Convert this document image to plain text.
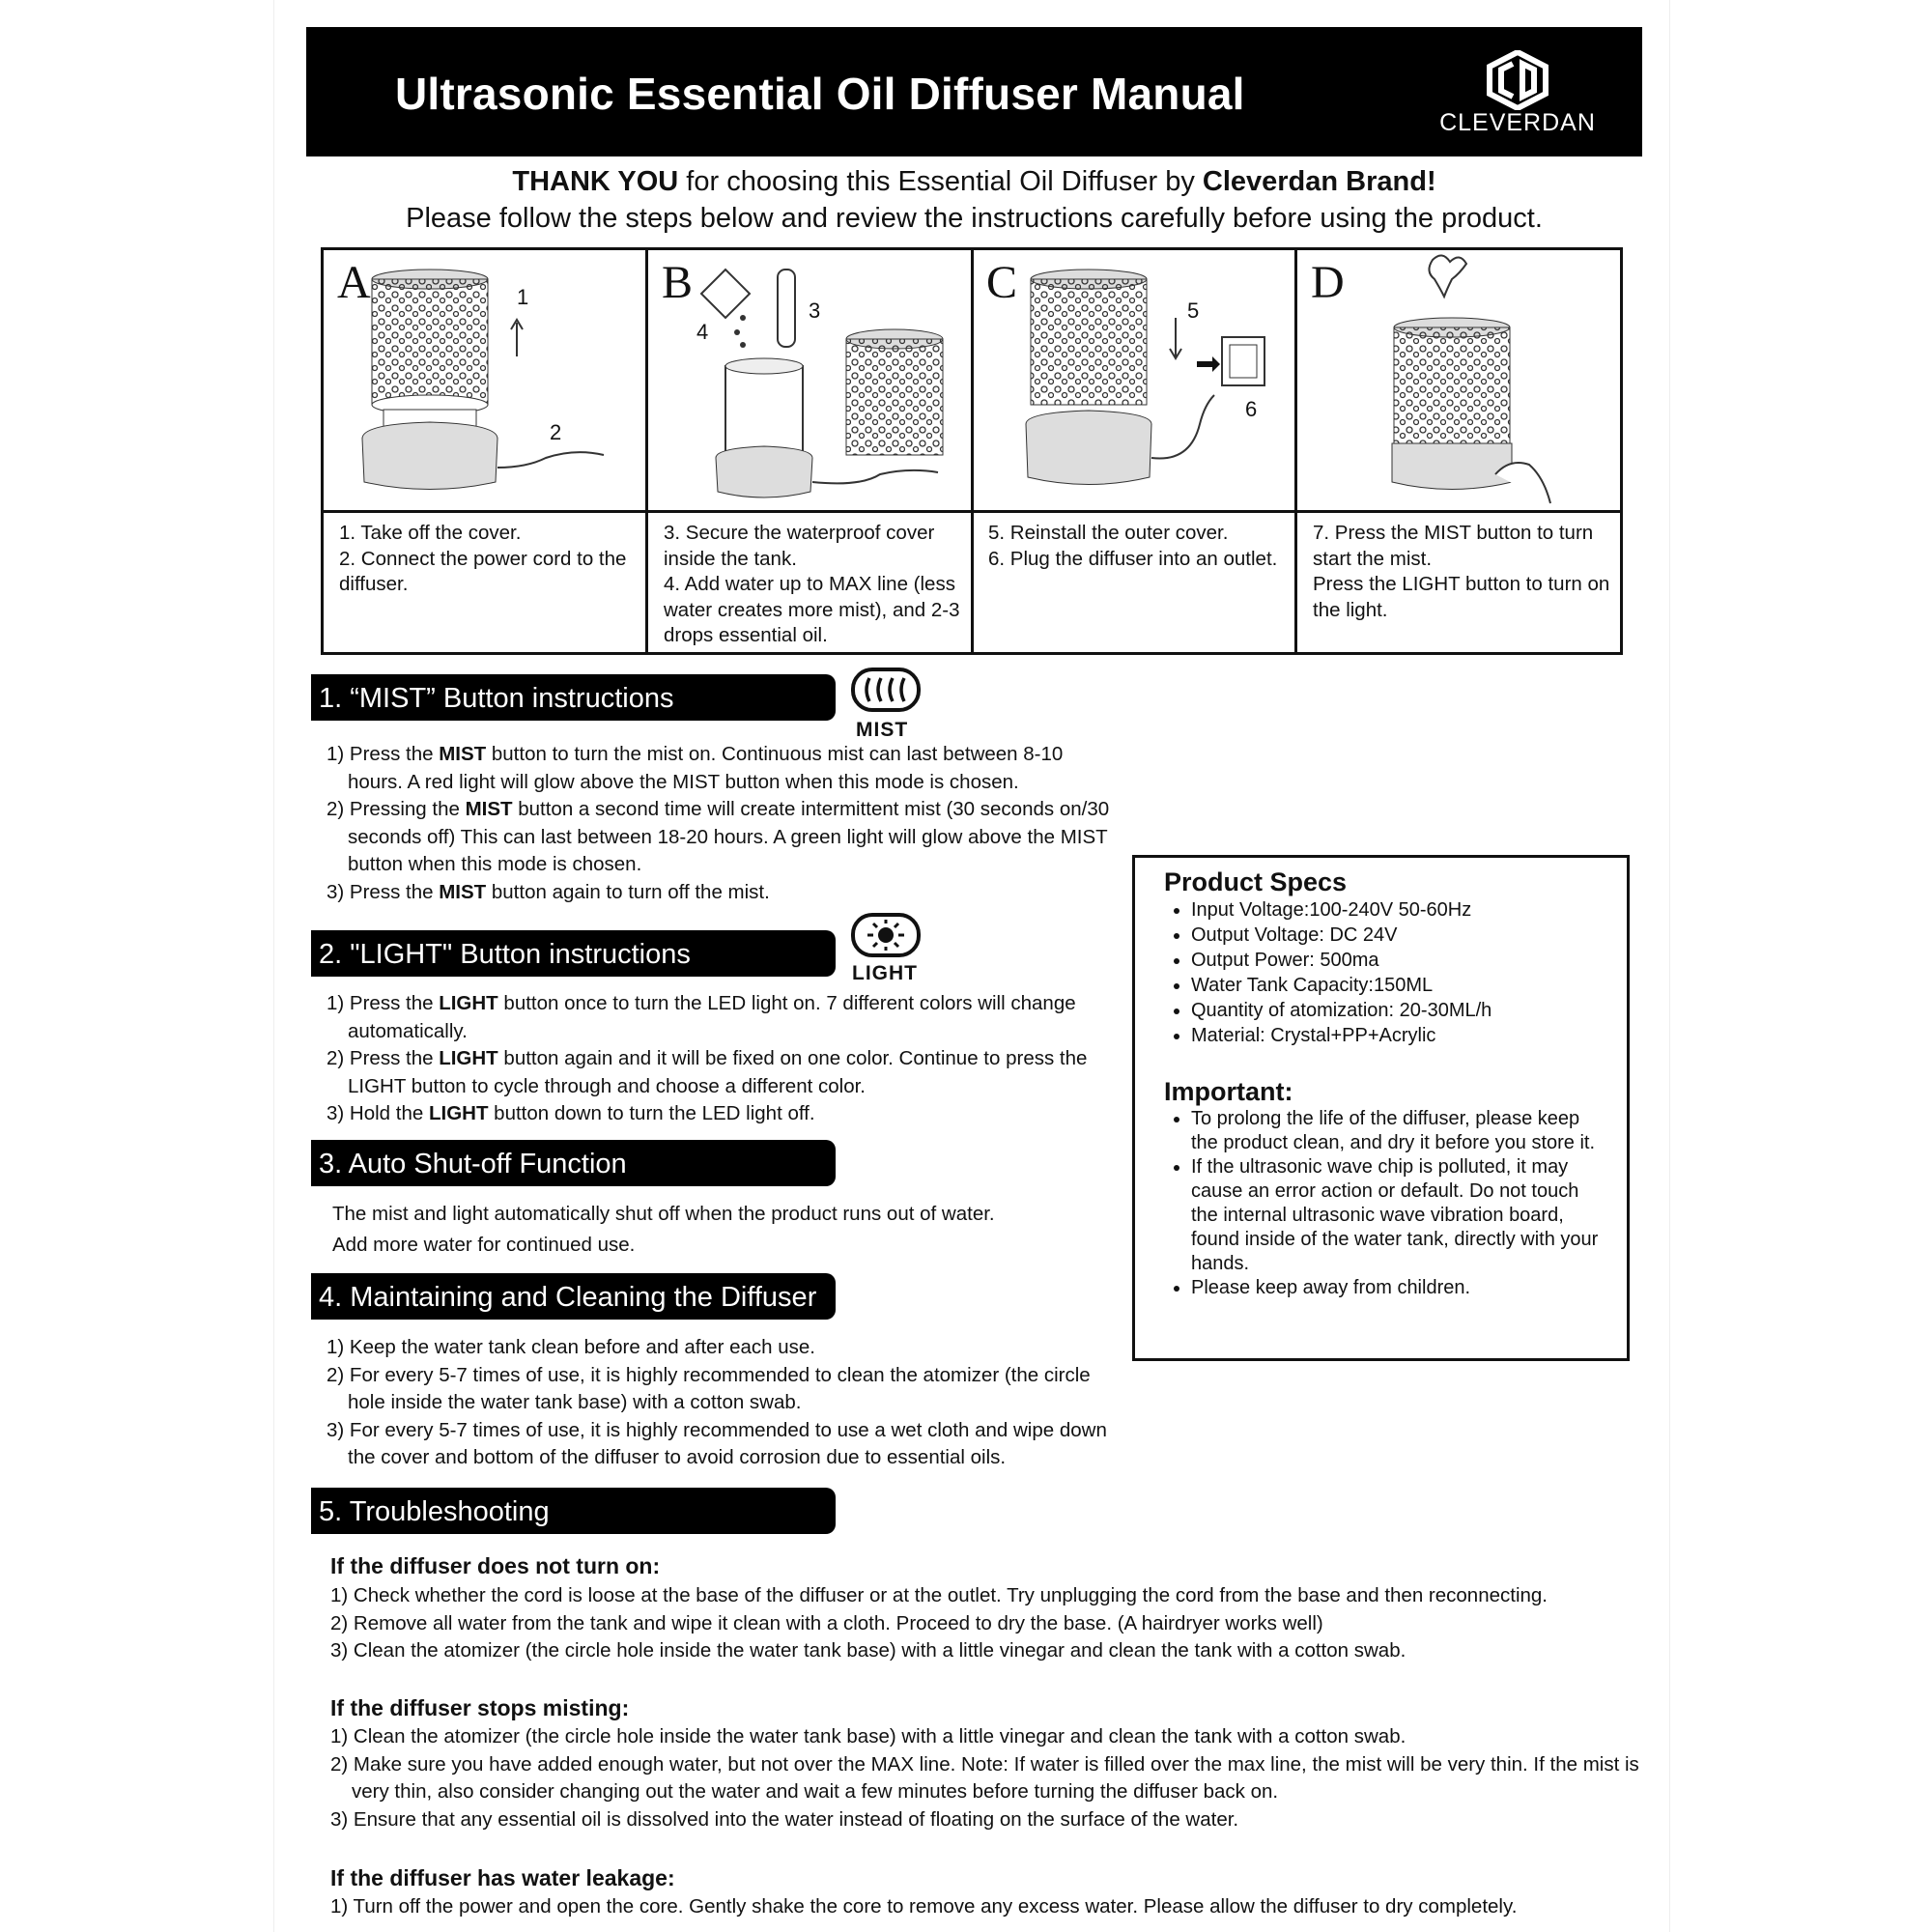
Ultrasonic Essential Oil Diffuser Manual
CLEVERDAN
THANK YOU for choosing this Essential Oil Diffuser by Cleverdan Brand!
Please follow the steps below and review the instructions carefully before using the product.
A	1
2
1. Take off the cover.
2. Connect the power cord to the diffuser.
B
3
4
3. Secure the waterproof cover inside the tank.
4. Add water up to MAX line (less water creates more mist), and 2-3 drops essential oil.
C
5
6
5. Reinstall the outer cover.
6. Plug the diffuser into an outlet.
D
7. Press the MIST button to turn start the mist.
Press the LIGHT button to turn on the light.
1. “MIST” Button instructions
MIST
1) Press the MIST button to turn the mist on. Continuous mist can last between 8-10 hours. A red light will glow above the MIST button when this mode is chosen.
2) Pressing the MIST button a second time will create intermittent mist (30 seconds on/30 seconds off) This can last between 18-20 hours. A green light will glow above the MIST button when this mode is chosen.
3) Press the MIST button again to turn off the mist.
2. "LIGHT" Button instructions
LIGHT
1) Press the LIGHT button once to turn the LED light on. 7 different colors will change automatically.
2) Press the LIGHT button again and it will be fixed on one color. Continue to press the LIGHT button to cycle through and choose a different color.
3) Hold the LIGHT button down to turn the LED light off.
3. Auto Shut-off Function
The mist and light automatically shut off when the product runs out of water.
Add more water for continued use.
4. Maintaining and Cleaning the Diffuser
1) Keep the water tank clean before and after each use.
2) For every 5-7 times of use, it is highly recommended to clean the atomizer (the circle hole inside the water tank base) with a cotton swab.
3) For every 5-7 times of use, it is highly recommended to use a wet cloth and wipe down the cover and bottom of the diffuser to avoid corrosion due to essential oils.
5. Troubleshooting
If the diffuser does not turn on:
1) Check whether the cord is loose at the base of the diffuser or at the outlet. Try unplugging the cord from the base and then reconnecting.
2) Remove all water from the tank and wipe it clean with a cloth. Proceed to dry the base. (A hairdryer works well)
3) Clean the atomizer (the circle hole inside the water tank base) with a little vinegar and clean the tank with a cotton swab.
If the diffuser stops misting:
1) Clean the atomizer (the circle hole inside the water tank base) with a little vinegar and clean the tank with a cotton swab.
2) Make sure you have added enough water, but not over the MAX line. Note: If water is filled over the max line, the mist will be very thin. If the mist is very thin, also consider changing out the water and wait a few minutes before turning the diffuser back on.
3) Ensure that any essential oil is dissolved into the water instead of floating on the surface of the water.
If the diffuser has water leakage:
1) Turn off the power and open the core. Gently shake the core to remove any excess water. Please allow the diffuser to dry completely.
Product Specs
• Input Voltage:100-240V 50-60Hz
• Output Voltage: DC 24V
• Output Power: 500ma
• Water Tank Capacity:150ML
• Quantity of atomization: 20-30ML/h
• Material: Crystal+PP+Acrylic
Important:
• To prolong the life of the diffuser, please keep the product clean, and dry it before you store it.
• If the ultrasonic wave chip is polluted, it may cause an error action or default. Do not touch the internal ultrasonic wave vibration board, found inside of the water tank, directly with your hands.
• Please keep away from children.
